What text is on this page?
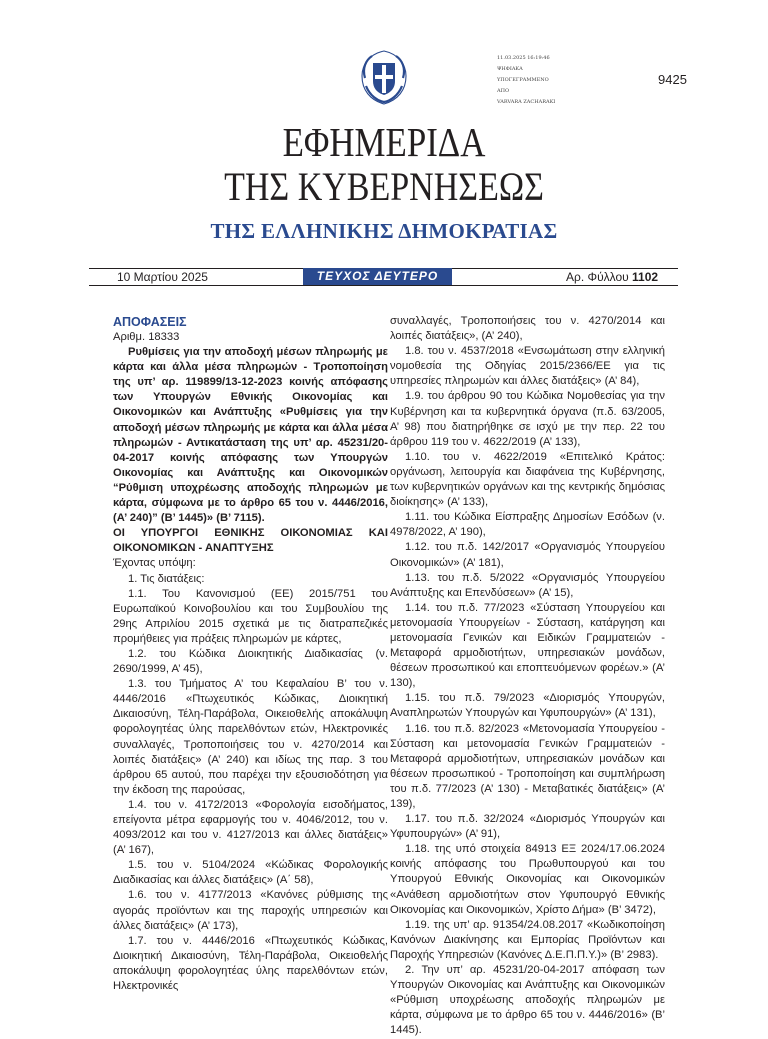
11.03.2025 16:19:46
ΨΗΦΙΑΚΑ
ΥΠΟΓΕΓΡΑΜΜΕΝΟ
ΑΠΟ
VARVARA ZACHARAKI
9425
ΕΦΗΜΕΡΙΔΑ
ΤΗΣ ΚΥΒΕΡΝΗΣΕΩΣ
ΤΗΣ ΕΛΛΗΝΙΚΗΣ ΔΗΜΟΚΡΑΤΙΑΣ
10 Μαρτίου 2025	ΤΕΥΧΟΣ ΔΕΥΤΕΡΟ	Αρ. Φύλλου 1102

ΑΠΟΦΑΣΕΙΣ

Αριθμ. 18333

Ρυθμίσεις για την αποδοχή μέσων πληρωμής με κάρτα και άλλα μέσα πληρωμών - Τροποποίηση της υπ’ αρ. 119899/13-12-2023 κοινής απόφασης των Υπουργών Εθνικής Οικονομίας και Οικονομικών και Ανάπτυξης «Ρυθμίσεις για την αποδοχή μέσων πληρωμής με κάρτα και άλλα μέσα πληρωμών - Αντικατάσταση της υπ’ αρ. 45231/20-04-2017 κοινής απόφασης των Υπουργών Οικονομίας και Ανάπτυξης και Οικονομικών “Ρύθμιση υποχρέωσης αποδοχής πληρωμών με κάρτα, σύμφωνα με το άρθρο 65 του ν. 4446/2016, (Α’ 240)” (Β’ 1445)» (Β’ 7115).

ΟΙ ΥΠΟΥΡΓΟΙ ΕΘΝΙΚΗΣ ΟΙΚΟΝΟΜΙΑΣ ΚΑΙ ΟΙΚΟΝΟΜΙΚΩΝ - ΑΝΑΠΤΥΞΗΣ

Έχοντας υπόψη:

1. Τις διατάξεις:

1.1. Του Κανονισμού (ΕΕ) 2015/751 του Ευρωπαϊκού Κοινοβουλίου και του Συμβουλίου της 29ης Απριλίου 2015 σχετικά με τις διατραπεζικές προμήθειες για πράξεις πληρωμών με κάρτες,

1.2. του Κώδικα Διοικητικής Διαδικασίας (ν. 2690/1999, Α’ 45),

1.3. του Τμήματος Α’ του Κεφαλαίου Β’ του ν. 4446/2016 «Πτωχευτικός Κώδικας, Διοικητική Δικαιοσύνη, Τέλη-Παράβολα, Οικειοθελής αποκάλυψη φορολογητέας ύλης παρελθόντων ετών, Ηλεκτρονικές συναλλαγές, Τροποποιήσεις του ν. 4270/2014 και λοιπές διατάξεις» (Α’ 240) και ιδίως της παρ. 3 του άρθρου 65 αυτού, που παρέχει την εξουσιοδότηση για την έκδοση της παρούσας,

1.4. του ν. 4172/2013 «Φορολογία εισοδήματος, επείγοντα μέτρα εφαρμογής του ν. 4046/2012, του ν. 4093/2012 και του ν. 4127/2013 και άλλες διατάξεις» (Α’ 167),

1.5. του ν. 5104/2024 «Κώδικας Φορολογικής Διαδικασίας και άλλες διατάξεις» (Α΄ 58),

1.6. του ν. 4177/2013 «Κανόνες ρύθμισης της αγοράς προϊόντων και της παροχής υπηρεσιών και άλλες διατάξεις» (Α’ 173),

1.7. του ν. 4446/2016 «Πτωχευτικός Κώδικας, Διοικητική Δικαιοσύνη, Τέλη-Παράβολα, Οικειοθελής αποκάλυψη φορολογητέας ύλης παρελθόντων ετών, Ηλεκτρονικές

συναλλαγές, Τροποποιήσεις του ν. 4270/2014 και λοιπές διατάξεις», (Α’ 240),

1.8. του ν. 4537/2018 «Ενσωμάτωση στην ελληνική νομοθεσία της Οδηγίας 2015/2366/ΕΕ για τις υπηρεσίες πληρωμών και άλλες διατάξεις» (Α’ 84),

1.9. του άρθρου 90 του Κώδικα Νομοθεσίας για την Κυβέρνηση και τα κυβερνητικά όργανα (π.δ. 63/2005, Α’ 98) που διατηρήθηκε σε ισχύ με την περ. 22 του άρθρου 119 του ν. 4622/2019 (Α’ 133),

1.10. του ν. 4622/2019 «Επιτελικό Κράτος: οργάνωση, λειτουργία και διαφάνεια της Κυβέρνησης, των κυβερνητικών οργάνων και της κεντρικής δημόσιας διοίκησης» (Α’ 133),

1.11. του Κώδικα Είσπραξης Δημοσίων Εσόδων (ν. 4978/2022, Α’ 190),

1.12. του π.δ. 142/2017 «Οργανισμός Υπουργείου Οικονομικών» (Α’ 181),

1.13. του π.δ. 5/2022 «Οργανισμός Υπουργείου Ανάπτυξης και Επενδύσεων» (Α’ 15),

1.14. του π.δ. 77/2023 «Σύσταση Υπουργείου και μετονομασία Υπουργείων - Σύσταση, κατάργηση και μετονομασία Γενικών και Ειδικών Γραμματειών - Μεταφορά αρμοδιοτήτων, υπηρεσιακών μονάδων, θέσεων προσωπικού και εποπτευόμενων φορέων.» (Α’ 130),

1.15. του π.δ. 79/2023 «Διορισμός Υπουργών, Αναπληρωτών Υπουργών και Υφυπουργών» (Α’ 131),

1.16. του π.δ. 82/2023 «Μετονομασία Υπουργείου - Σύσταση και μετονομασία Γενικών Γραμματειών - Μεταφορά αρμοδιοτήτων, υπηρεσιακών μονάδων και θέσεων προσωπικού - Τροποποίηση και συμπλήρωση του π.δ. 77/2023 (Α’ 130) - Μεταβατικές διατάξεις» (Α’ 139),

1.17. του π.δ. 32/2024 «Διορισμός Υπουργών και Υφυπουργών» (Α’ 91),

1.18. της υπό στοιχεία 84913 ΕΞ 2024/17.06.2024 κοινής απόφασης του Πρωθυπουργού και του Υπουργού Εθνικής Οικονομίας και Οικονομικών «Ανάθεση αρμοδιοτήτων στον Υφυπουργό Εθνικής Οικονομίας και Οικονομικών, Χρίστο Δήμα» (Β’ 3472),

1.19. της υπ’ αρ. 91354/24.08.2017 «Κωδικοποίηση Κανόνων Διακίνησης και Εμπορίας Προϊόντων και Παροχής Υπηρεσιών (Κανόνες Δ.Ε.Π.Π.Υ.)» (Β’ 2983).

2. Την υπ’ αρ. 45231/20-04-2017 απόφαση των Υπουργών Οικονομίας και Ανάπτυξης και Οικονομικών «Ρύθμιση υποχρέωσης αποδοχής πληρωμών με κάρτα, σύμφωνα με το άρθρο 65 του ν. 4446/2016» (Β’ 1445).
